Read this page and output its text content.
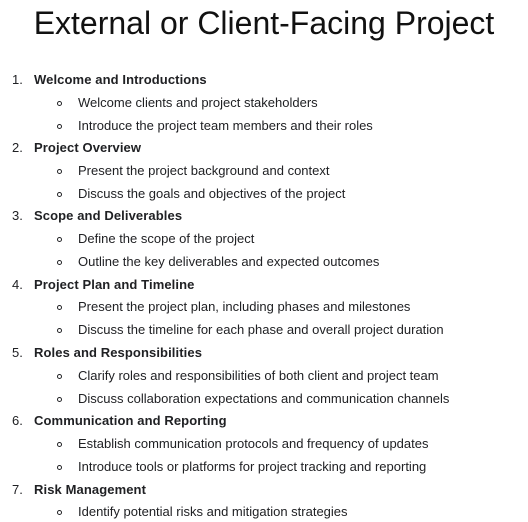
External or Client-Facing Project
1. Welcome and Introductions
Welcome clients and project stakeholders
Introduce the project team members and their roles
2. Project Overview
Present the project background and context
Discuss the goals and objectives of the project
3. Scope and Deliverables
Define the scope of the project
Outline the key deliverables and expected outcomes
4. Project Plan and Timeline
Present the project plan, including phases and milestones
Discuss the timeline for each phase and overall project duration
5. Roles and Responsibilities
Clarify roles and responsibilities of both client and project team
Discuss collaboration expectations and communication channels
6. Communication and Reporting
Establish communication protocols and frequency of updates
Introduce tools or platforms for project tracking and reporting
7. Risk Management
Identify potential risks and mitigation strategies
